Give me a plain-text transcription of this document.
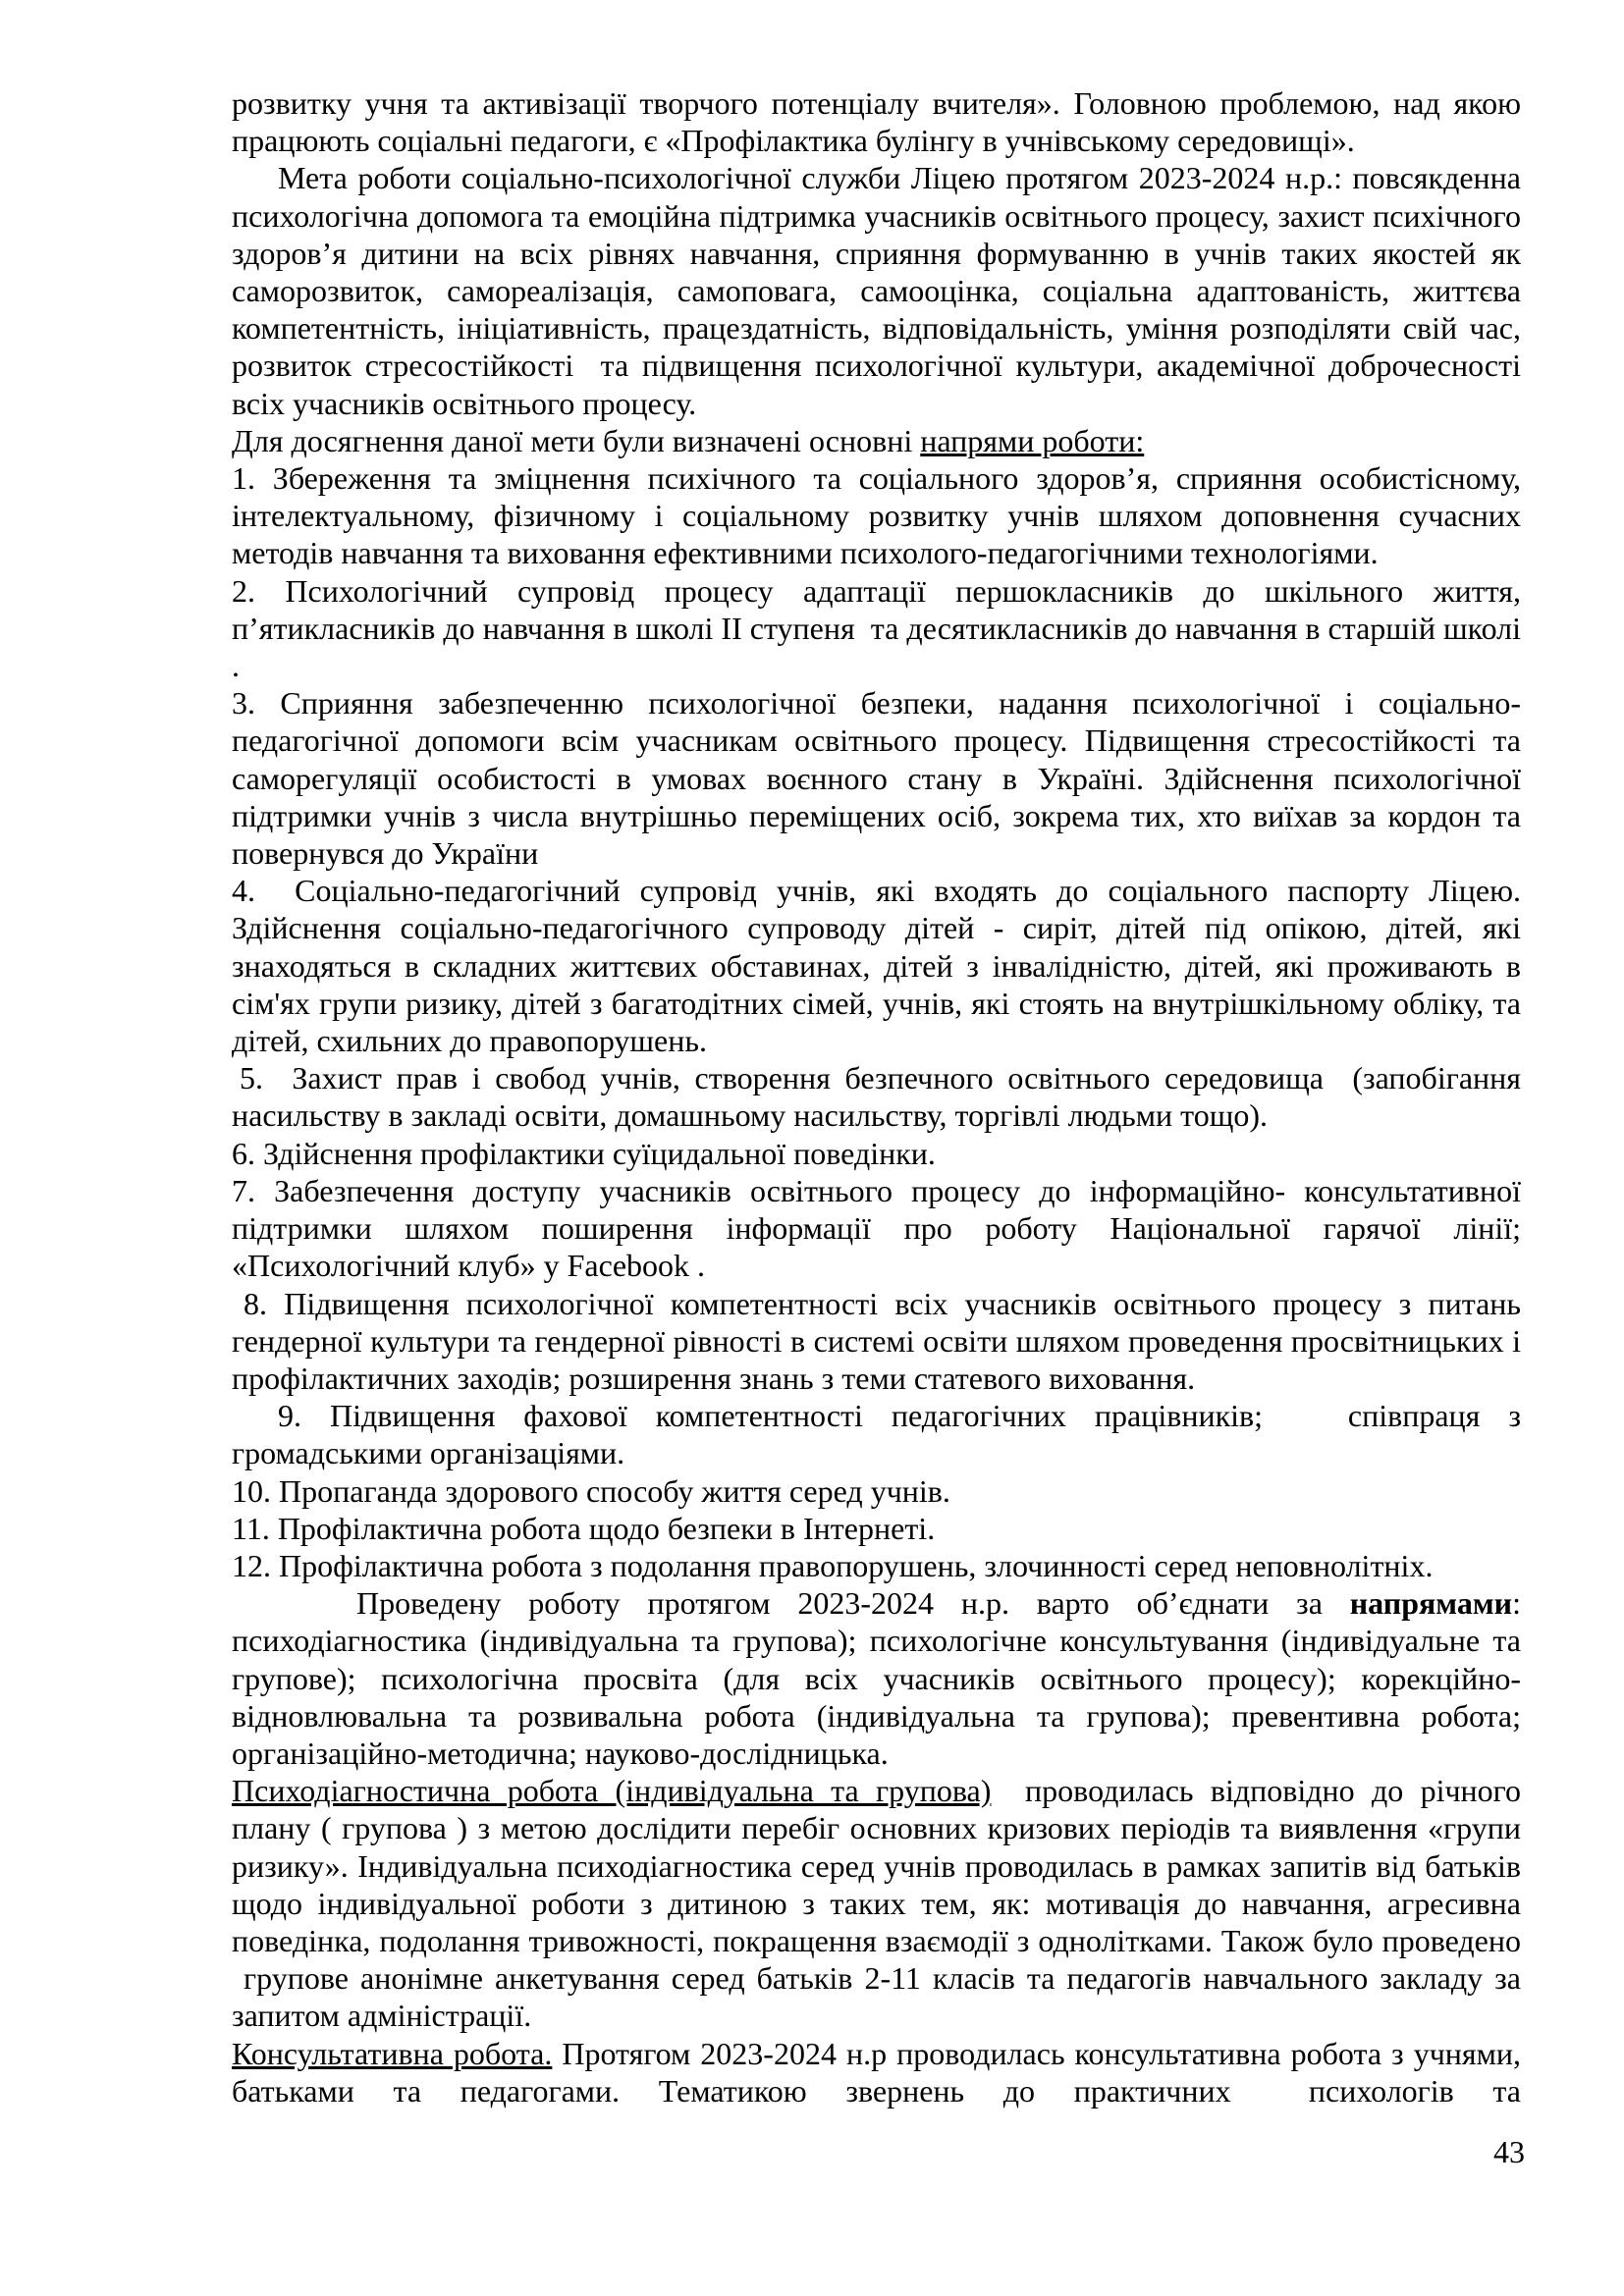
розвитку учня та активізації творчого потенціалу вчителя». Головною проблемою, над якою працюють соціальні педагоги, є «Профілактика булінгу в учнівському середовищі».

Мета роботи соціально-психологічної служби Ліцею протягом 2023-2024 н.р.: повсякденна психологічна допомога та емоційна підтримка учасників освітнього процесу, захист психічного здоров’я дитини на всіх рівнях навчання, сприяння формуванню в учнів таких якостей як саморозвиток, самореалізація, самоповага, самооцінка, соціальна адаптованість, життєва компетентність, ініціативність, працездатність, відповідальність, уміння розподіляти свій час, розвиток стресостійкості  та підвищення психологічної культури, академічної доброчесності всіх учасників освітнього процесу.

Для досягнення даної мети були визначені основні напрями роботи:

1. Збереження та зміцнення психічного та соціального здоров’я, сприяння особистісному, інтелектуальному, фізичному і соціальному розвитку учнів шляхом доповнення сучасних методів навчання та виховання ефективними психолого-педагогічними технологіями.

2. Психологічний супровід процесу адаптації першокласників до шкільного життя, п’ятикласників до навчання в школі II ступеня  та десятикласників до навчання в старшій школі .

3. Сприяння забезпеченню психологічної безпеки, надання психологічної і соціально-педагогічної допомоги всім учасникам освітнього процесу. Підвищення стресостійкості та саморегуляції особистості в умовах воєнного стану в Україні. Здійснення психологічної підтримки учнів з числа внутрішньо переміщених осіб, зокрема тих, хто виїхав за кордон та повернувся до України

4.  Соціально-педагогічний супровід учнів, які входять до соціального паспорту Ліцею. Здійснення соціально-педагогічного супроводу дітей - сиріт, дітей під опікою, дітей, які знаходяться в складних життєвих обставинах, дітей з інвалідністю, дітей, які проживають в сім'ях групи ризику, дітей з багатодітних сімей, учнів, які стоять на внутрішкільному обліку, та дітей, схильних до правопорушень.

5.  Захист прав і свобод учнів, створення безпечного освітнього середовища  (запобігання насильству в закладі освіти, домашньому насильству, торгівлі людьми тощо).

6. Здійснення профілактики суїцидальної поведінки.

7. Забезпечення доступу учасників освітнього процесу до інформаційно- консультативної підтримки шляхом поширення інформації про роботу Національної гарячої лінії; «Психологічний клуб» у Facebook .

8. Підвищення психологічної компетентності всіх учасників освітнього процесу з питань гендерної культури та гендерної рівності в системі освіти шляхом проведення просвітницьких і профілактичних заходів; розширення знань з теми статевого виховання.

9. Підвищення фахової компетентності педагогічних працівників;   співпраця з громадськими організаціями.

10. Пропаганда здорового способу життя серед учнів.

11. Профілактична робота щодо безпеки в Інтернеті.

12. Профілактична робота з подолання правопорушень, злочинності серед неповнолітніх.

Проведену роботу протягом 2023-2024 н.р. варто об’єднати за напрямами: психодіагностика (індивідуальна та групова); психологічне консультування (індивідуальне та групове); психологічна просвіта (для всіх учасників освітнього процесу); корекційно-відновлювальна та розвивальна робота (індивідуальна та групова); превентивна робота; організаційно-методична; науково-дослідницька.

Психодіагностична робота (індивідуальна та групова)  проводилась відповідно до річного плану ( групова ) з метою дослідити перебіг основних кризових періодів та виявлення «групи ризику». Індивідуальна психодіагностика серед учнів проводилась в рамках запитів від батьків щодо індивідуальної роботи з дитиною з таких тем, як: мотивація до навчання, агресивна поведінка, подолання тривожності, покращення взаємодії з однолітками. Також було проведено  групове анонімне анкетування серед батьків 2-11 класів та педагогів навчального закладу за запитом адміністрації.

Консультативна робота. Протягом 2023-2024 н.р проводилась консультативна робота з учнями, батьками та педагогами. Тематикою звернень до практичних  психологів та

43
